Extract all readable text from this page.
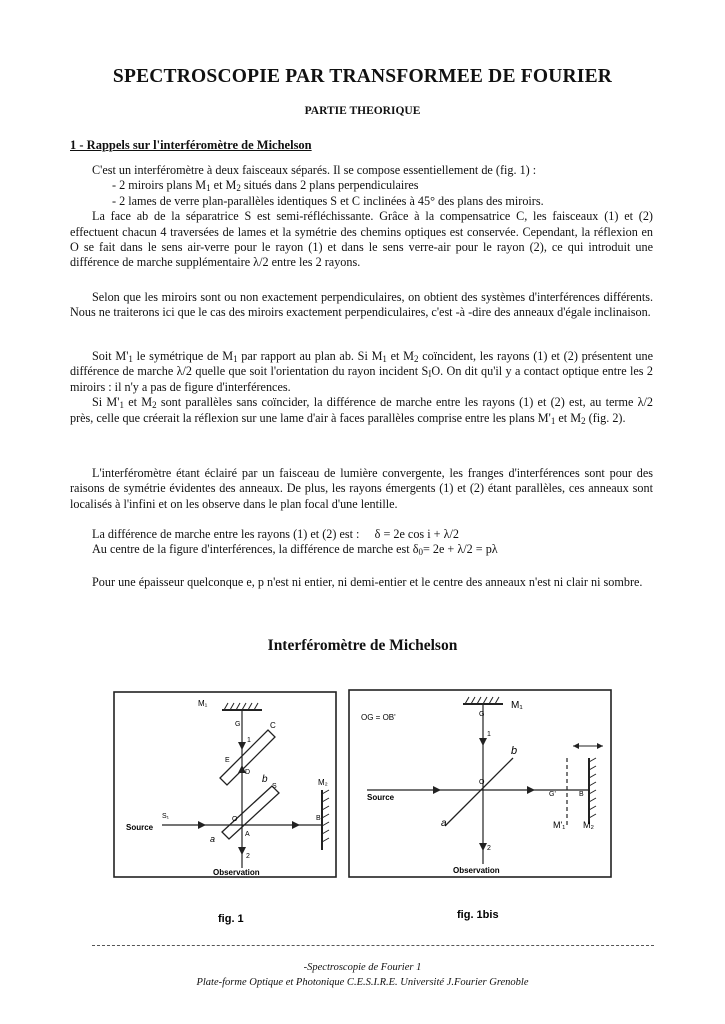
SPECTROSCOPIE PAR TRANSFORMEE DE FOURIER
PARTIE THEORIQUE
1 - Rappels sur l'interféromètre de Michelson

C'est un interféromètre à deux faisceaux séparés. Il se compose essentiellement de (fig. 1) :

- 2 miroirs plans $M_1$ et $M_2$ situés dans 2 plans perpendiculaires

- 2 lames de verre plan-parallèles identiques S et C inclinées à 45° des plans des miroirs.

La face ab de la séparatrice S est semi-réfléchissante. Grâce à la compensatrice C, les faisceaux (1) et (2) effectuent chacun 4 traversées de lames et la symétrie des chemins optiques est conservée. Cependant, la réflexion en O se fait dans le sens air-verre pour le rayon (1) et dans le sens verre-air pour le rayon (2), ce qui introduit une différence de marche supplémentaire λ/2 entre les 2 rayons.

Selon que les miroirs sont ou non exactement perpendiculaires, on obtient des systèmes d'interférences différents. Nous ne traiterons ici que le cas des miroirs exactement perpendiculaires, c'est -à -dire des anneaux d'égale inclinaison.

Soit $M'_1$ le symétrique de $M_1$ par rapport au plan ab. Si $M_1$ et $M_2$ coïncident, les rayons (1) et (2) présentent une différence de marche λ/2 quelle que soit l'orientation du rayon incident $S_IO$. On dit qu'il y a contact optique entre les 2 miroirs : il n'y a pas de figure d'interférences.

Si $M'_1$ et $M_2$ sont parallèles sans coïncider, la différence de marche entre les rayons (1) et (2) est, au terme λ/2 près, celle que créerait la réflexion sur une lame d'air à faces parallèles comprise entre les plans $M'_1$ et $M_2$ (fig. 2).

L'interféromètre étant éclairé par un faisceau de lumière convergente, les franges d'interférences sont pour des raisons de symétrie évidentes des anneaux. De plus, les rayons émergents (1) et (2) étant parallèles, ces anneaux sont localisés à l'infini et on les observe dans le plan focal d'une lentille.

La différence de marche entre les rayons (1) et (2) est :     δ = 2e cos i + λ/2

Au centre de la figure d'interférences, la différence de marche est $\delta_0= 2e + \lambda/2 = p\lambda$

Pour une épaisseur quelconque e, p n'est ni entier, ni demi-entier et le centre des anneaux n'est ni clair ni sombre.

Interféromètre de Michelson
M₁
M₂
G	C
E
D
O
b
S
a	A
B
S₁
Source
Observation
1
2
fig. 1
OG = OB'	G
M₁
b
Source
O
G'	B
a	M'₁ M₂
Observation
1
2
fig. 1bis
-Spectroscopie de Fourier 1
Plate-forme Optique et Photonique C.E.S.I.R.E. Université J.Fourier Grenoble
